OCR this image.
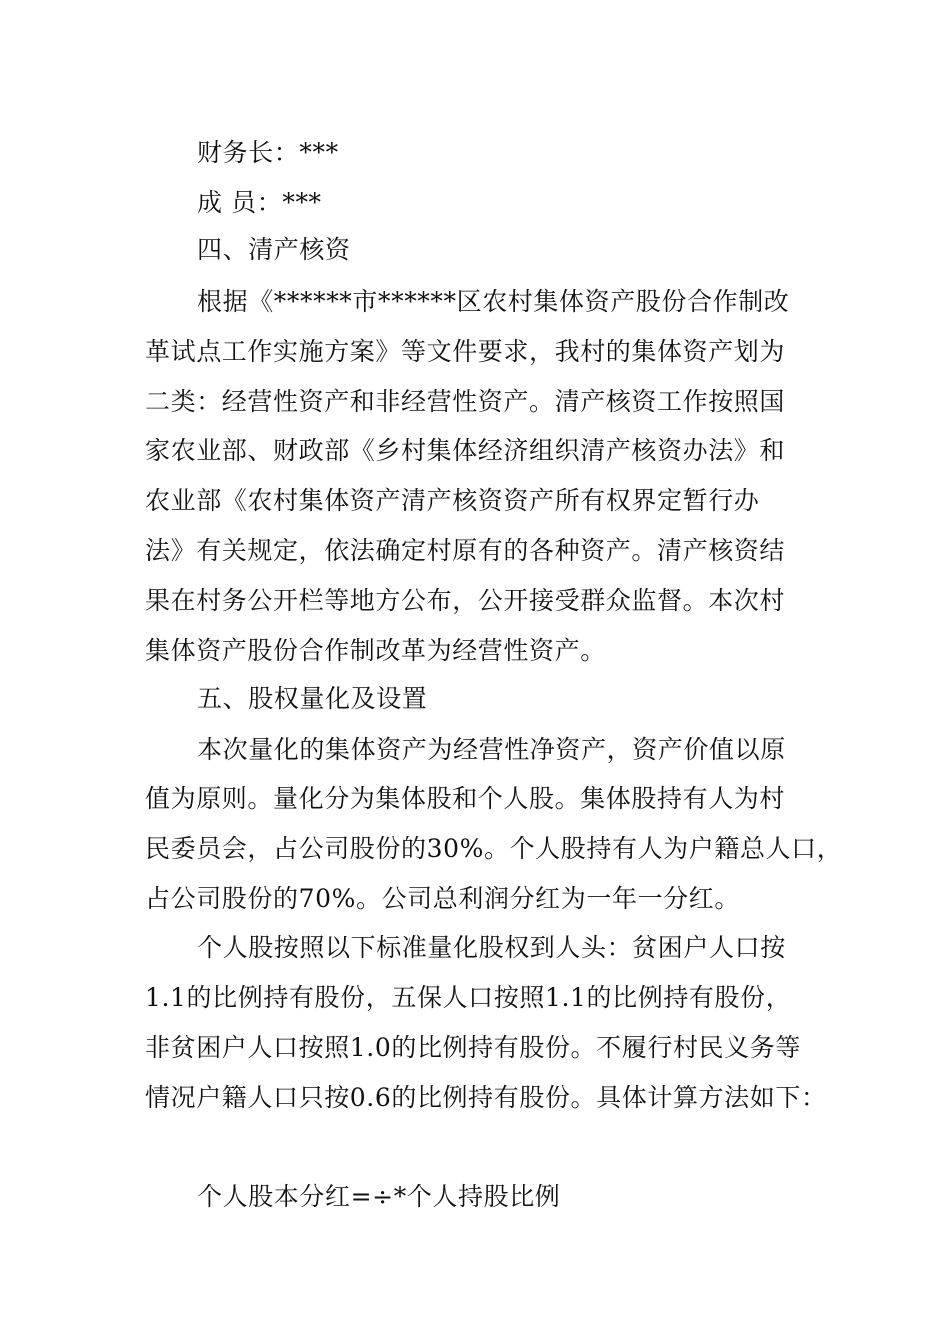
财务长：***
成 员：***
四、清产核资
根据《******市******区农村集体资产股份合作制改
革试点工作实施方案》等文件要求，我村的集体资产划为
二类：经营性资产和非经营性资产。清产核资工作按照国
家农业部、财政部《乡村集体经济组织清产核资办法》和
农业部《农村集体资产清产核资资产所有权界定暂行办
法》有关规定，依法确定村原有的各种资产。清产核资结
果在村务公开栏等地方公布，公开接受群众监督。本次村
集体资产股份合作制改革为经营性资产。
五、股权量化及设置
本次量化的集体资产为经营性净资产，资产价值以原
值为原则。量化分为集体股和个人股。集体股持有人为村
民委员会，占公司股份的30%。个人股持有人为户籍总人口，
占公司股份的70%。公司总利润分红为一年一分红。
个人股按照以下标准量化股权到人头：贫困户人口按
1.1的比例持有股份，五保人口按照1.1的比例持有股份，
非贫困户人口按照1.0的比例持有股份。不履行村民义务等
情况户籍人口只按0.6的比例持有股份。具体计算方法如下：
个人股本分红=÷*个人持股比例
